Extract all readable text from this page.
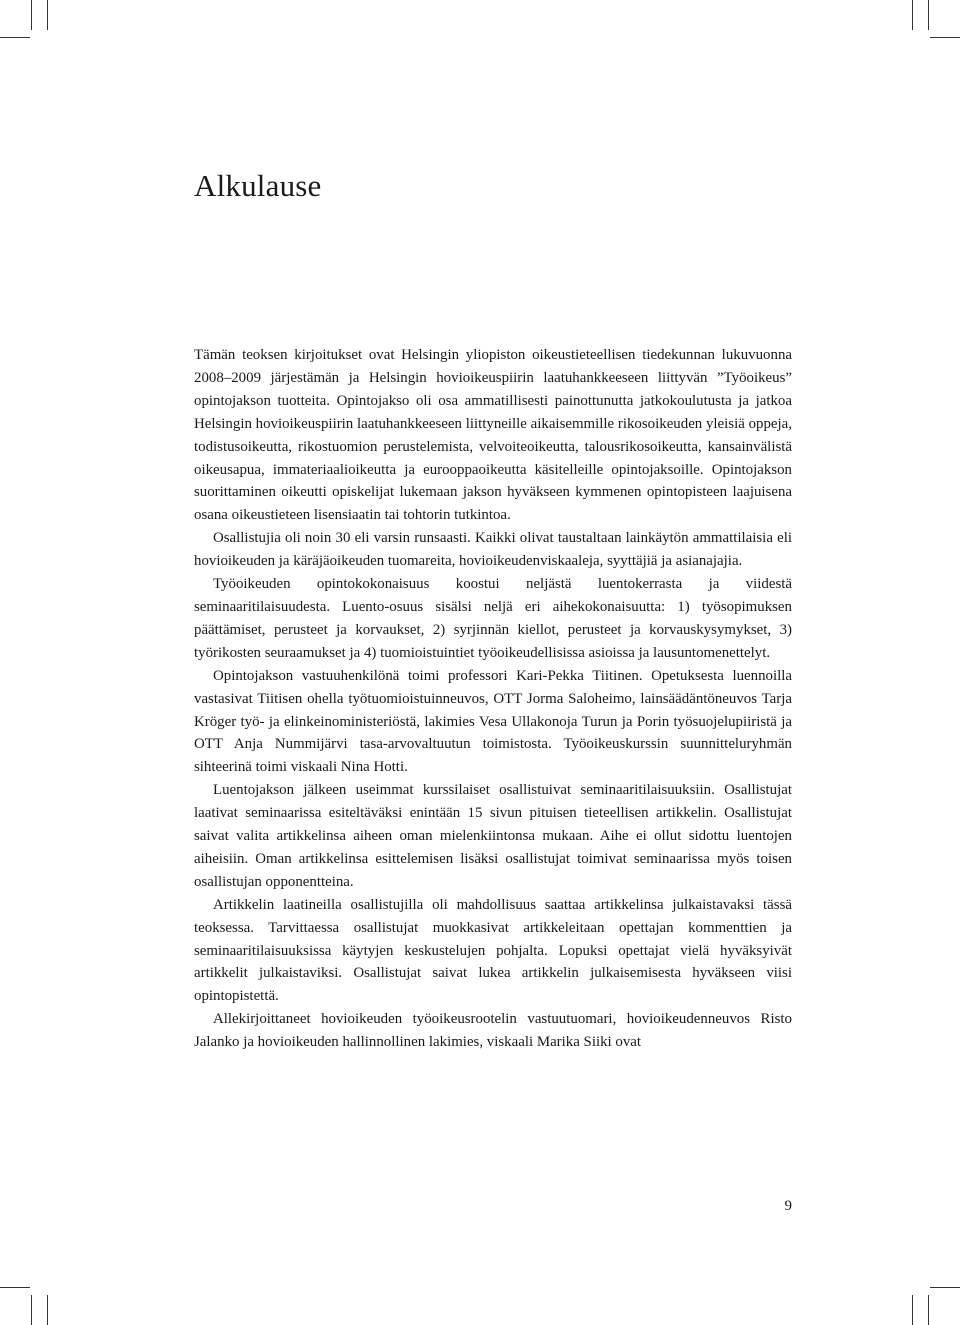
Alkulause

Tämän teoksen kirjoitukset ovat Helsingin yliopiston oikeustieteellisen tiedekunnan lukuvuonna 2008–2009 järjestämän ja Helsingin hovioikeuspiirin laatuhankkeeseen liittyvän ”Työoikeus” opintojakson tuotteita. Opintojakso oli osa ammatillisesti painottunutta jatkokoulutusta ja jatkoa Helsingin hovioikeuspiirin laatuhankkeeseen liittyneille aikaisemmille rikosoikeuden yleisiä oppeja, todistusoikeutta, rikostuomion perustelemista, velvoiteoikeutta, talousrikosoikeutta, kansainvälistä oikeusapua, immateriaalioikeutta ja eurooppaoikeutta käsitelleille opintojaksoille. Opintojakson suorittaminen oikeutti opiskelijat lukemaan jakson hyväkseen kymmenen opintopisteen laajuisena osana oikeustieteen lisensiaatin tai tohtorin tutkintoa.

Osallistujia oli noin 30 eli varsin runsaasti. Kaikki olivat taustaltaan lainkäytön ammattilaisia eli hovioikeuden ja käräjäoikeuden tuomareita, hovioikeudenviskaaleja, syyttäjiä ja asianajajia.

Työoikeuden opintokokonaisuus koostui neljästä luentokerrasta ja viidestä seminaaritilaisuudesta. Luento-osuus sisälsi neljä eri aihekokonaisuutta: 1) työsopimuksen päättämiset, perusteet ja korvaukset, 2) syrjinnän kiellot, perusteet ja korvauskysymykset, 3) työrikosten seuraamukset ja 4) tuomioistuintiet työoikeudellisissa asioissa ja lausuntomenettelyt.

Opintojakson vastuuhenkilönä toimi professori Kari-Pekka Tiitinen. Opetuksesta luennoilla vastasivat Tiitisen ohella työtuomioistuinneuvos, OTT Jorma Saloheimo, lainsäädäntöneuvos Tarja Kröger työ- ja elinkeinoministeriöstä, lakimies Vesa Ullakonoja Turun ja Porin työsuojelupiiristä ja OTT Anja Nummijärvi tasa-arvovaltuutun toimistosta. Työoikeuskurssin suunnitteluryhmän sihteerinä toimi viskaali Nina Hotti.

Luentojakson jälkeen useimmat kurssilaiset osallistuivat seminaaritilaisuuksiin. Osallistujat laativat seminaarissa esiteltäväksi enintään 15 sivun pituisen tieteellisen artikkelin. Osallistujat saivat valita artikkelinsa aiheen oman mielenkiintonsa mukaan. Aihe ei ollut sidottu luentojen aiheisiin. Oman artikkelinsa esittelemisen lisäksi osallistujat toimivat seminaarissa myös toisen osallistujan opponentteina.

Artikkelin laatineilla osallistujilla oli mahdollisuus saattaa artikkelinsa julkaistavaksi tässä teoksessa. Tarvittaessa osallistujat muokkasivat artikkeleitaan opettajan kommenttien ja seminaaritilaisuuksissa käytyjen keskustelujen pohjalta. Lopuksi opettajat vielä hyväksyivät artikkelit julkaistaviksi. Osallistujat saivat lukea artikkelin julkaisemisesta hyväkseen viisi opintopistettä.

Allekirjoittaneet hovioikeuden työoikeusrootelin vastuutuomari, hovioikeudenneuvos Risto Jalanko ja hovioikeuden hallinnollinen lakimies, viskaali Marika Siiki ovat

9
